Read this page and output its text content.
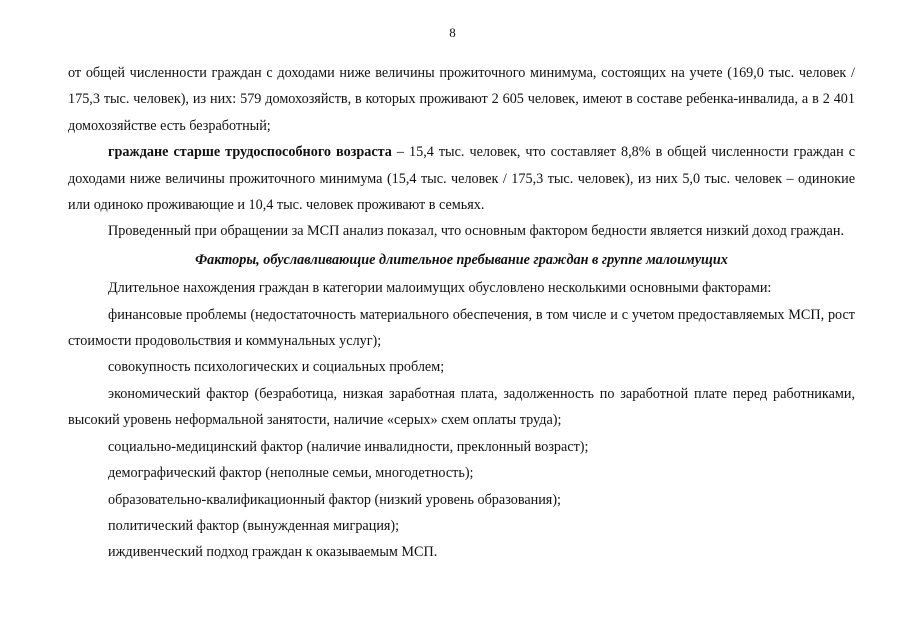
8

от общей численности граждан с доходами ниже величины прожиточного минимума, состоящих на учете (169,0 тыс. человек / 175,3 тыс. человек), из них: 579 домохозяйств, в которых проживают 2 605 человек, имеют в составе ребенка-инвалида, а в 2 401 домохозяйстве есть безработный;

граждане старше трудоспособного возраста – 15,4 тыс. человек, что составляет 8,8% в общей численности граждан с доходами ниже величины прожиточного минимума (15,4 тыс. человек / 175,3 тыс. человек), из них 5,0 тыс. человек – одинокие или одиноко проживающие и 10,4 тыс. человек проживают в семьях.

Проведенный при обращении за МСП анализ показал, что основным фактором бедности является низкий доход граждан.

Факторы, обуславливающие длительное пребывание граждан в группе малоимущих

Длительное нахождения граждан в категории малоимущих обусловлено несколькими основными факторами:

финансовые проблемы (недостаточность материального обеспечения, в том числе и с учетом предоставляемых МСП, рост стоимости продовольствия и коммунальных услуг);

совокупность психологических и социальных проблем;

экономический фактор (безработица, низкая заработная плата, задолженность по заработной плате перед работниками, высокий уровень неформальной занятости, наличие «серых» схем оплаты труда);

социально-медицинский фактор (наличие инвалидности, преклонный возраст);

демографический фактор (неполные семьи, многодетность);

образовательно-квалификационный фактор (низкий уровень образования);

политический фактор (вынужденная миграция);

иждивенческий подход граждан к оказываемым МСП.
